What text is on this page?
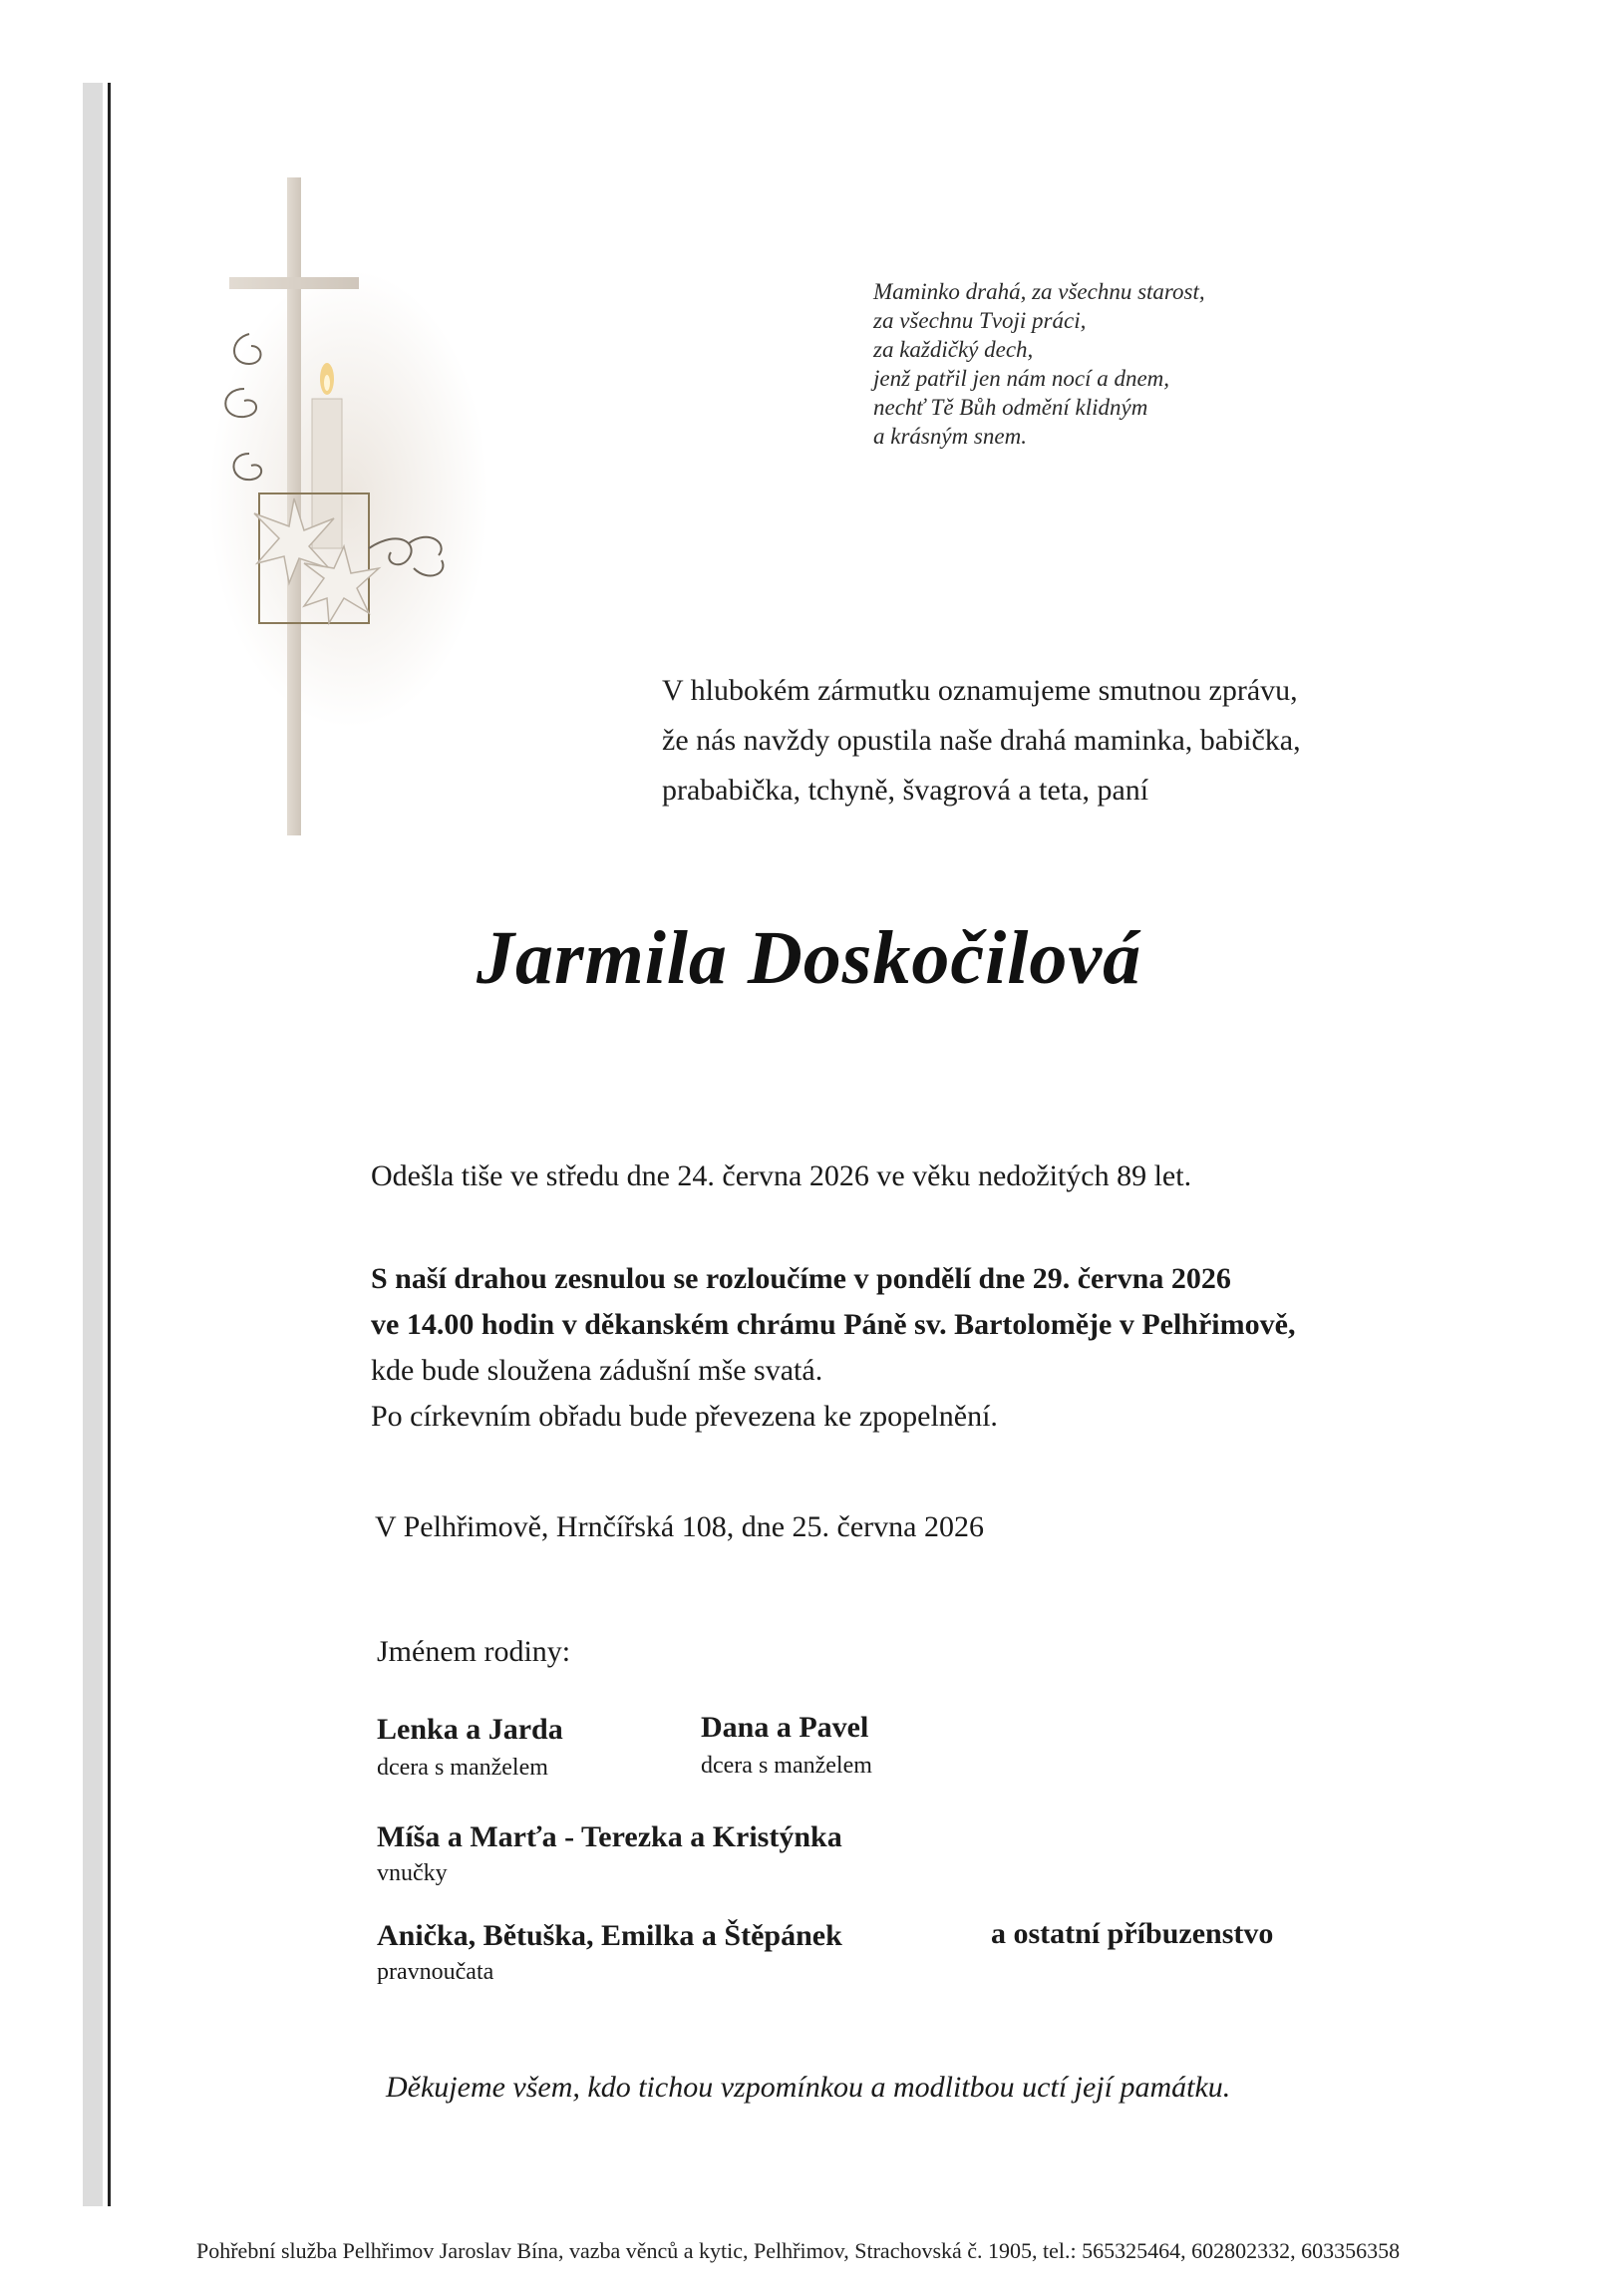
Maminko drahá, za všechnu starost,
za všechnu Tvoji práci,
za každičký dech,
jenž patřil jen nám nocí a dnem,
nechť Tě Bůh odmění klidným
a krásným snem.
V hlubokém zármutku oznamujeme smutnou zprávu,
že nás navždy opustila naše drahá maminka, babička,
prababička, tchyně, švagrová a teta, paní
Jarmila Doskočilová
Odešla tiše ve středu dne 24. června 2026 ve věku nedožitých 89 let.
S naší drahou zesnulou se rozloučíme v pondělí dne 29. června 2026
ve 14.00 hodin v děkanském chrámu Páně sv. Bartoloměje v Pelhřimově,
kde bude sloužena zádušní mše svatá.
Po církevním obřadu bude převezena ke zpopelnění.
V Pelhřimově, Hrnčířská 108, dne 25. června 2026
Jménem rodiny:
Lenka a Jarda
dcera s manželem
Dana a Pavel
dcera s manželem
Míša a Marťa - Terezka a Kristýnka
vnučky
Anička, Bětuška, Emilka a Štěpánek
pravnoučata
a ostatní příbuzenstvo
Děkujeme všem, kdo tichou vzpomínkou a modlitbou uctí její památku.
Pohřební služba Pelhřimov Jaroslav Bína, vazba věnců a kytic, Pelhřimov, Strachovská č. 1905, tel.: 565325464, 602802332, 603356358
